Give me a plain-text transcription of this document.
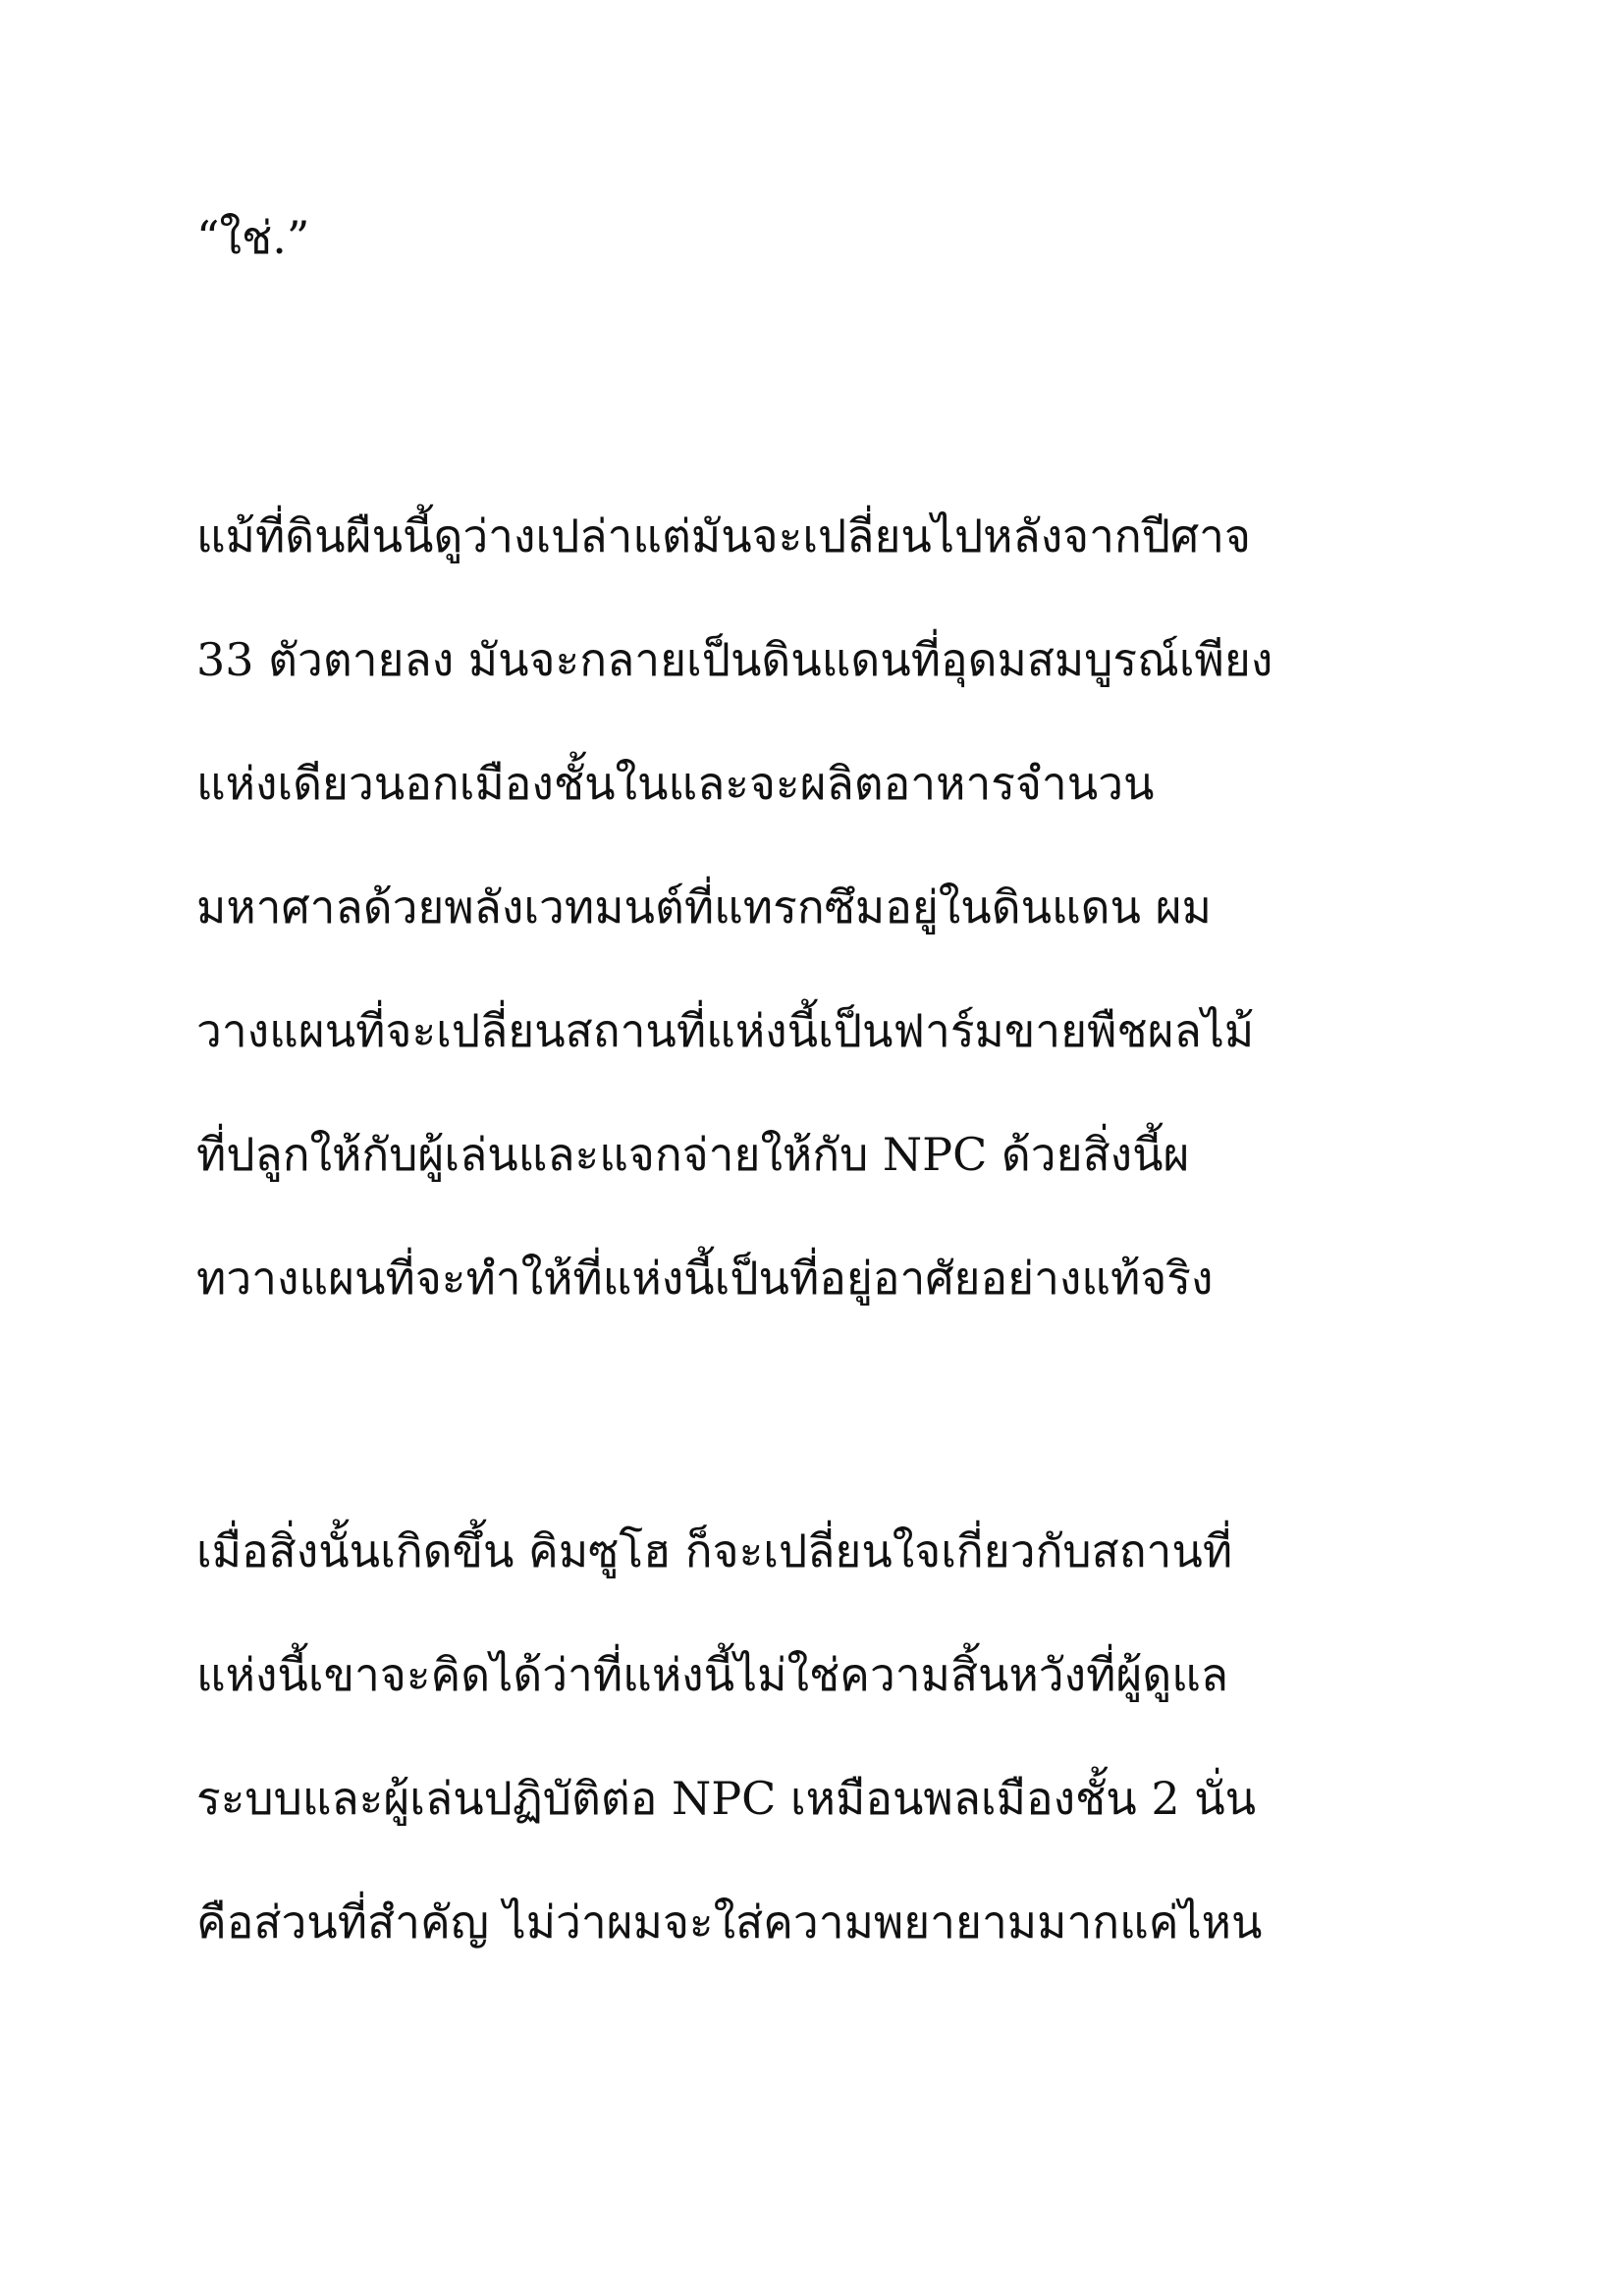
“ใช่.”
แม้ที่ดินผืนนี้ดูว่างเปล่าแต่มันจะเปลี่ยนไปหลังจากปีศาจ
33 ตัวตายลง มันจะกลายเป็นดินแดนที่อุดมสมบูรณ์เพียง
แห่งเดียวนอกเมืองชั้นในและจะผลิตอาหารจำนวน
มหาศาลด้วยพลังเวทมนต์ที่แทรกซึมอยู่ในดินแดน ผม
วางแผนที่จะเปลี่ยนสถานที่แห่งนี้เป็นฟาร์มขายพืชผลไม้
ที่ปลูกให้กับผู้เล่นและแจกจ่ายให้กับ NPC ด้วยสิ่งนี้ผ
ทวางแผนที่จะทำให้ที่แห่งนี้เป็นที่อยู่อาศัยอย่างแท้จริง
เมื่อสิ่งนั้นเกิดขึ้น คิมซูโฮ ก็จะเปลี่ยนใจเกี่ยวกับสถานที่
แห่งนี้เขาจะคิดได้ว่าที่แห่งนี้ไม่ใช่ความสิ้นหวังที่ผู้ดูแล
ระบบและผู้เล่นปฏิบัติต่อ NPC เหมือนพลเมืองชั้น 2 นั่น
คือส่วนที่สำคัญ ไม่ว่าผมจะใส่ความพยายามมากแค่ไหน
